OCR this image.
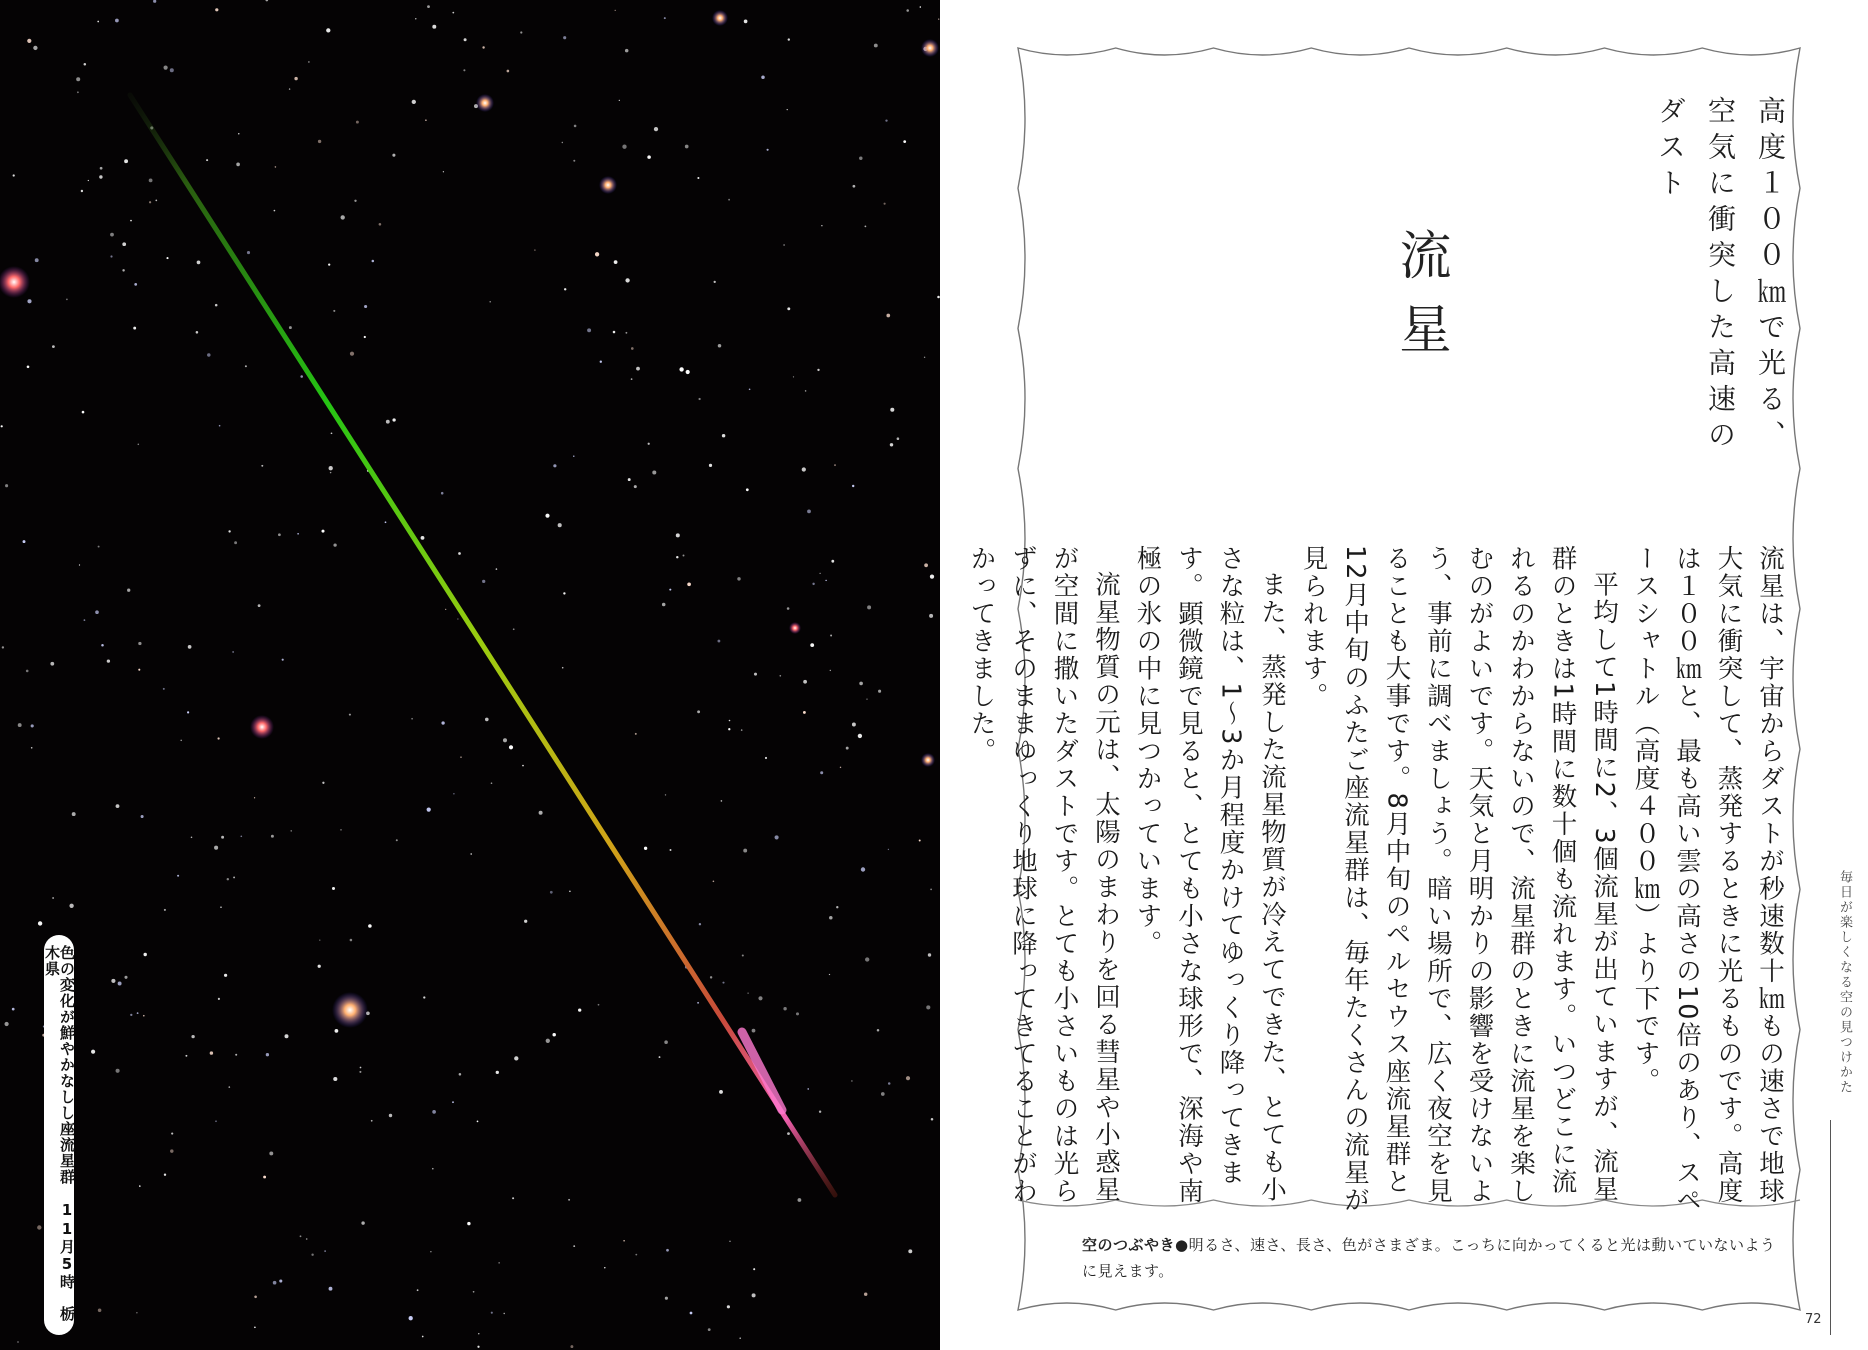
色の変化が鮮やかなしし座流星群　11月5時　栃木県
高度１００㎞で光る、空気に衝突した高速のダスト
流星

流星は、宇宙からダストが秒速数十㎞もの速さで地球大気に衝突して、蒸発するときに光るものです。高度は１００㎞と、最も高い雲の高さの10倍のあり、スペースシャトル（高度４００㎞）より下です。

平均して1時間に2、3個流星が出ていますが、流星群のときは1時間に数十個も流れます。いつどこに流れるのかわからないので、流星群のときに流星を楽しむのがよいです。天気と月明かりの影響を受けないよう、事前に調べましょう。暗い場所で、広く夜空を見ることも大事です。8月中旬のペルセウス座流星群と12月中旬のふたご座流星群は、毎年たくさんの流星が見られます。

また、蒸発した流星物質が冷えてできた、とても小さな粒は、1～3か月程度かけてゆっくり降ってきます。顕微鏡で見ると、とても小さな球形で、深海や南極の氷の中に見つかっています。

流星物質の元は、太陽のまわりを回る彗星や小惑星が空間に撒いたダストです。とても小さいものは光らずに、そのままゆっくり地球に降ってきてることがわかってきました。

空のつぶやき●明るさ、速さ、長さ、色がさまざま。こっちに向かってくると光は動いていないように見えます。
毎日が楽しくなる空の見つけかた
72
